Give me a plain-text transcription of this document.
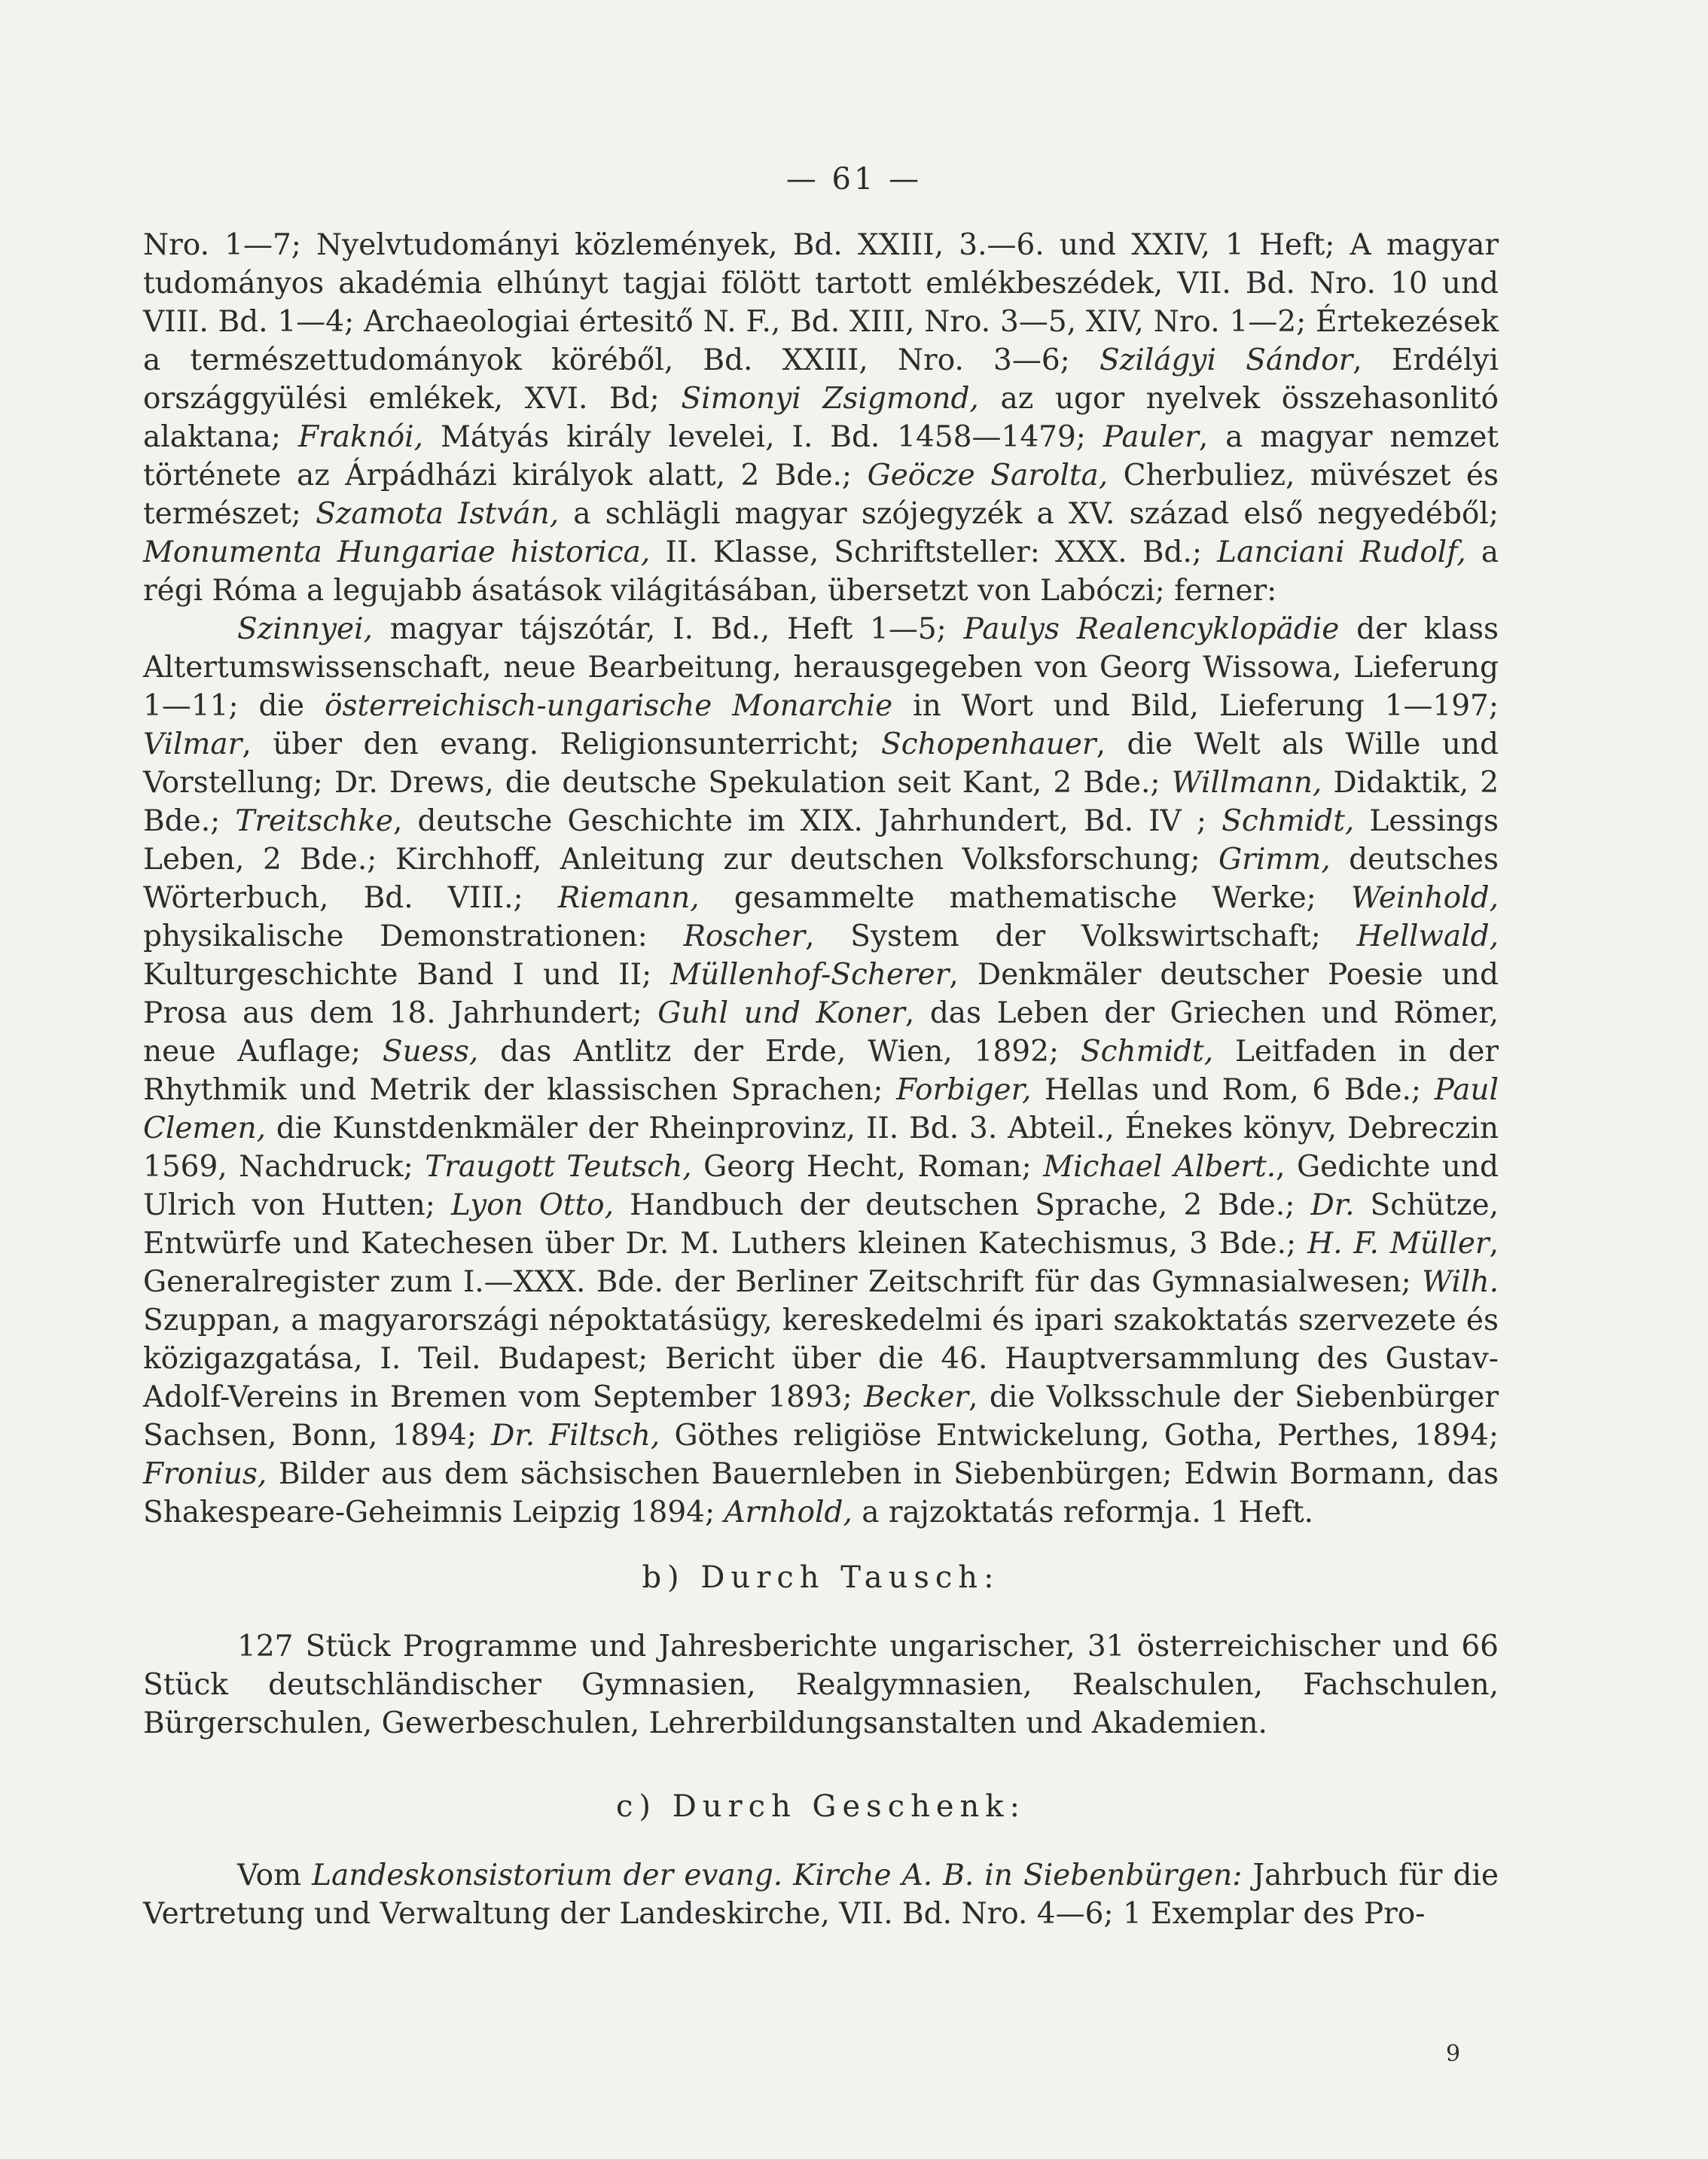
— 61 —

Nro. 1—7; Nyelvtudományi közlemények, Bd. XXIII, 3.—6. und XXIV, 1 Heft; A magyar tudományos akadémia elhúnyt tagjai fölött tartott emlékbeszédek, VII. Bd. Nro. 10 und VIII. Bd. 1—4; Archaeologiai értesitő N. F., Bd. XIII, Nro. 3—5, XIV, Nro. 1—2; Értekezések a természettudományok köréből, Bd. XXIII, Nro. 3—6; Szilágyi Sándor, Erdélyi országgyülési emlékek, XVI. Bd; Simonyi Zsigmond, az ugor nyelvek összehasonlitó alaktana; Fraknói, Mátyás király levelei, I. Bd. 1458—1479; Pauler, a magyar nemzet története az Árpádházi királyok alatt, 2 Bde.; Geöcze Sarolta, Cherbuliez, müvészet és természet; Szamota István, a schlägli magyar szójegyzék a XV. század első negyedéből; Monumenta Hungariae historica, II. Klasse, Schriftsteller: XXX. Bd.; Lanciani Rudolf, a régi Róma a legujabb ásatások világitásában, übersetzt von Labóczi; ferner:

Szinnyei, magyar tájszótár, I. Bd., Heft 1—5; Paulys Realencyklopädie der klass Altertumswissenschaft, neue Bearbeitung, herausgegeben von Georg Wissowa, Lieferung 1—11; die österreichisch-ungarische Monarchie in Wort und Bild, Lieferung 1—197; Vilmar, über den evang. Religionsunterricht; Schopenhauer, die Welt als Wille und Vorstellung; Dr. Drews, die deutsche Spekulation seit Kant, 2 Bde.; Willmann, Didaktik, 2 Bde.; Treitschke, deutsche Geschichte im XIX. Jahrhundert, Bd. IV ; Schmidt, Lessings Leben, 2 Bde.; Kirchhoff, Anleitung zur deutschen Volksforschung; Grimm, deutsches Wörterbuch, Bd. VIII.; Riemann, gesammelte mathematische Werke; Weinhold, physikalische Demonstrationen: Roscher, System der Volkswirtschaft; Hellwald, Kulturgeschichte Band I und II; Müllenhof-Scherer, Denkmäler deutscher Poesie und Prosa aus dem 18. Jahrhundert; Guhl und Koner, das Leben der Griechen und Römer, neue Auflage; Suess, das Antlitz der Erde, Wien, 1892; Schmidt, Leitfaden in der Rhythmik und Metrik der klassischen Sprachen; Forbiger, Hellas und Rom, 6 Bde.; Paul Clemen, die Kunstdenkmäler der Rheinprovinz, II. Bd. 3. Abteil., Énekes könyv, Debreczin 1569, Nachdruck; Traugott Teutsch, Georg Hecht, Roman; Michael Albert., Gedichte und Ulrich von Hutten; Lyon Otto, Handbuch der deutschen Sprache, 2 Bde.; Dr. Schütze, Entwürfe und Katechesen über Dr. M. Luthers kleinen Katechismus, 3 Bde.; H. F. Müller, Generalregister zum I.—XXX. Bde. der Berliner Zeitschrift für das Gymnasialwesen; Wilh. Szuppan, a magyarországi népoktatásügy, kereskedelmi és ipari szakoktatás szervezete és közigazgatása, I. Teil. Budapest; Bericht über die 46. Hauptversammlung des Gustav-Adolf-Vereins in Bremen vom September 1893; Becker, die Volksschule der Siebenbürger Sachsen, Bonn, 1894; Dr. Filtsch, Göthes religiöse Entwickelung, Gotha, Perthes, 1894; Fronius, Bilder aus dem sächsischen Bauernleben in Siebenbürgen; Edwin Bormann, das Shakespeare-Geheimnis Leipzig 1894; Arnhold, a rajzoktatás reformja. 1 Heft.

b) Durch Tausch:

127 Stück Programme und Jahresberichte ungarischer, 31 österreichischer und 66 Stück deutschländischer Gymnasien, Realgymnasien, Realschulen, Fachschulen, Bürgerschulen, Gewerbeschulen, Lehrerbildungsanstalten und Akademien.

c) Durch Geschenk:

Vom Landeskonsistorium der evang. Kirche A. B. in Siebenbürgen: Jahrbuch für die Vertretung und Verwaltung der Landeskirche, VII. Bd. Nro. 4—6; 1 Exemplar des Pro-

9
